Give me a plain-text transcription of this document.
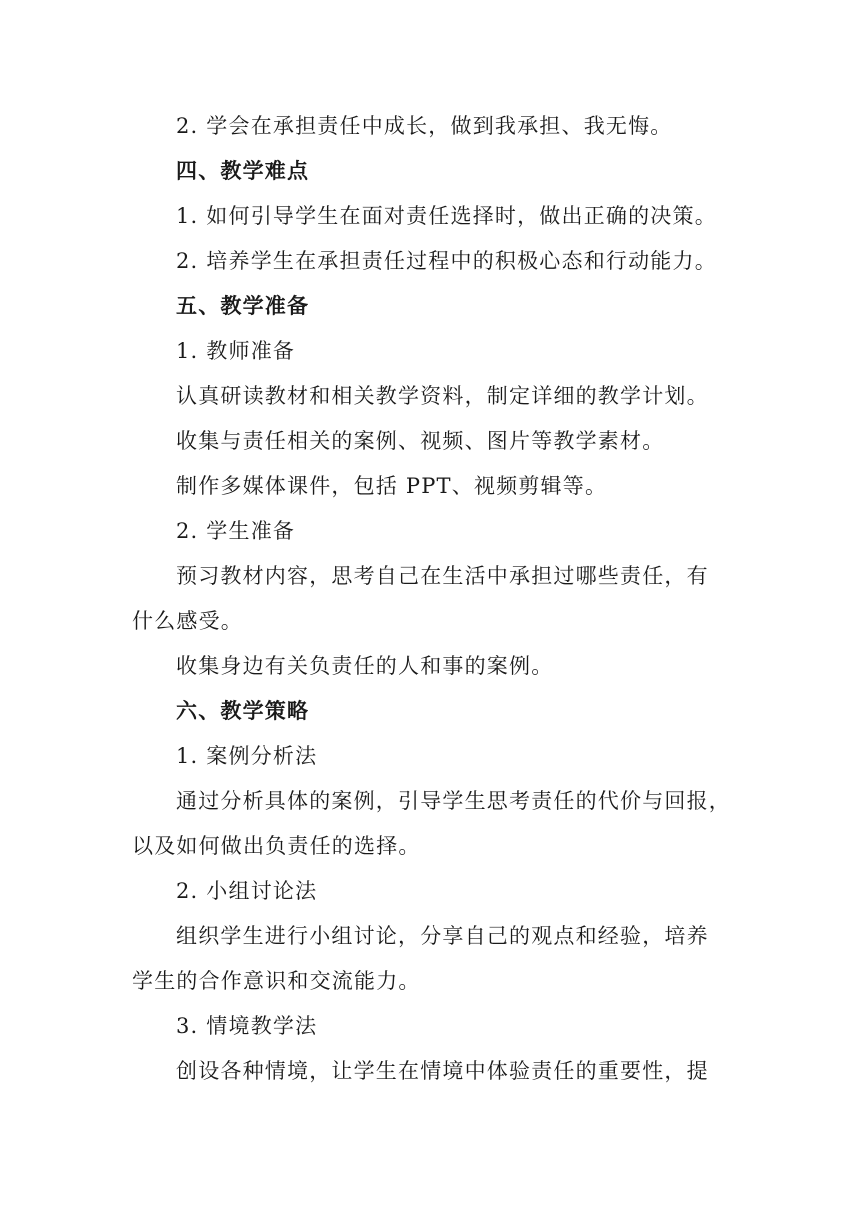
2. 学会在承担责任中成长，做到我承担、我无悔。
四、教学难点
1. 如何引导学生在面对责任选择时，做出正确的决策。
2. 培养学生在承担责任过程中的积极心态和行动能力。
五、教学准备
1. 教师准备
认真研读教材和相关教学资料，制定详细的教学计划。
收集与责任相关的案例、视频、图片等教学素材。
制作多媒体课件，包括 PPT、视频剪辑等。
2. 学生准备
预习教材内容，思考自己在生活中承担过哪些责任，有
什么感受。
收集身边有关负责任的人和事的案例。
六、教学策略
1. 案例分析法
通过分析具体的案例，引导学生思考责任的代价与回报，
以及如何做出负责任的选择。
2. 小组讨论法
组织学生进行小组讨论，分享自己的观点和经验，培养
学生的合作意识和交流能力。
3. 情境教学法
创设各种情境，让学生在情境中体验责任的重要性，提
